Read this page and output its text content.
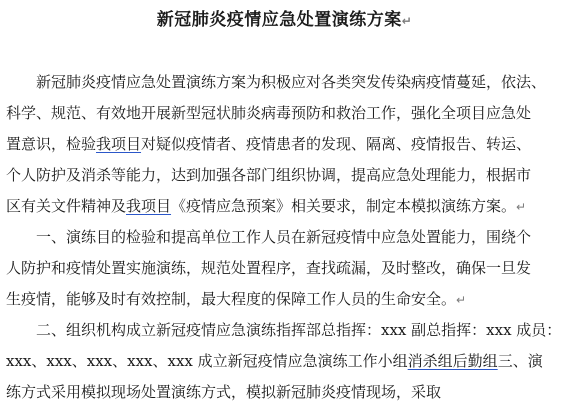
新冠肺炎疫情应急处置演练方案↵
新冠肺炎疫情应急处置演练方案为积极应对各类突发传染病疫情蔓延，依法、
科学、规范、有效地开展新型冠状肺炎病毒预防和救治工作，强化全项目应急处
置意识，检验我项目对疑似疫情者、疫情患者的发现、隔离、疫情报告、转运、
个人防护及消杀等能力，达到加强各部门组织协调，提高应急处理能力，根据市
区有关文件精神及我项目《疫情应急预案》相关要求，制定本模拟演练方案。↵
一、演练目的检验和提高单位工作人员在新冠疫情中应急处置能力，围绕个
人防护和疫情处置实施演练，规范处置程序，查找疏漏，及时整改，确保一旦发
生疫情，能够及时有效控制，最大程度的保障工作人员的生命安全。↵
二、组织机构成立新冠疫情应急演练指挥部总指挥：xxx 副总指挥：xxx 成员：
xxx、xxx、xxx、xxx、xxx 成立新冠疫情应急演练工作小组消杀组后勤组三、演
练方式采用模拟现场处置演练方式，模拟新冠肺炎疫情现场，采取
